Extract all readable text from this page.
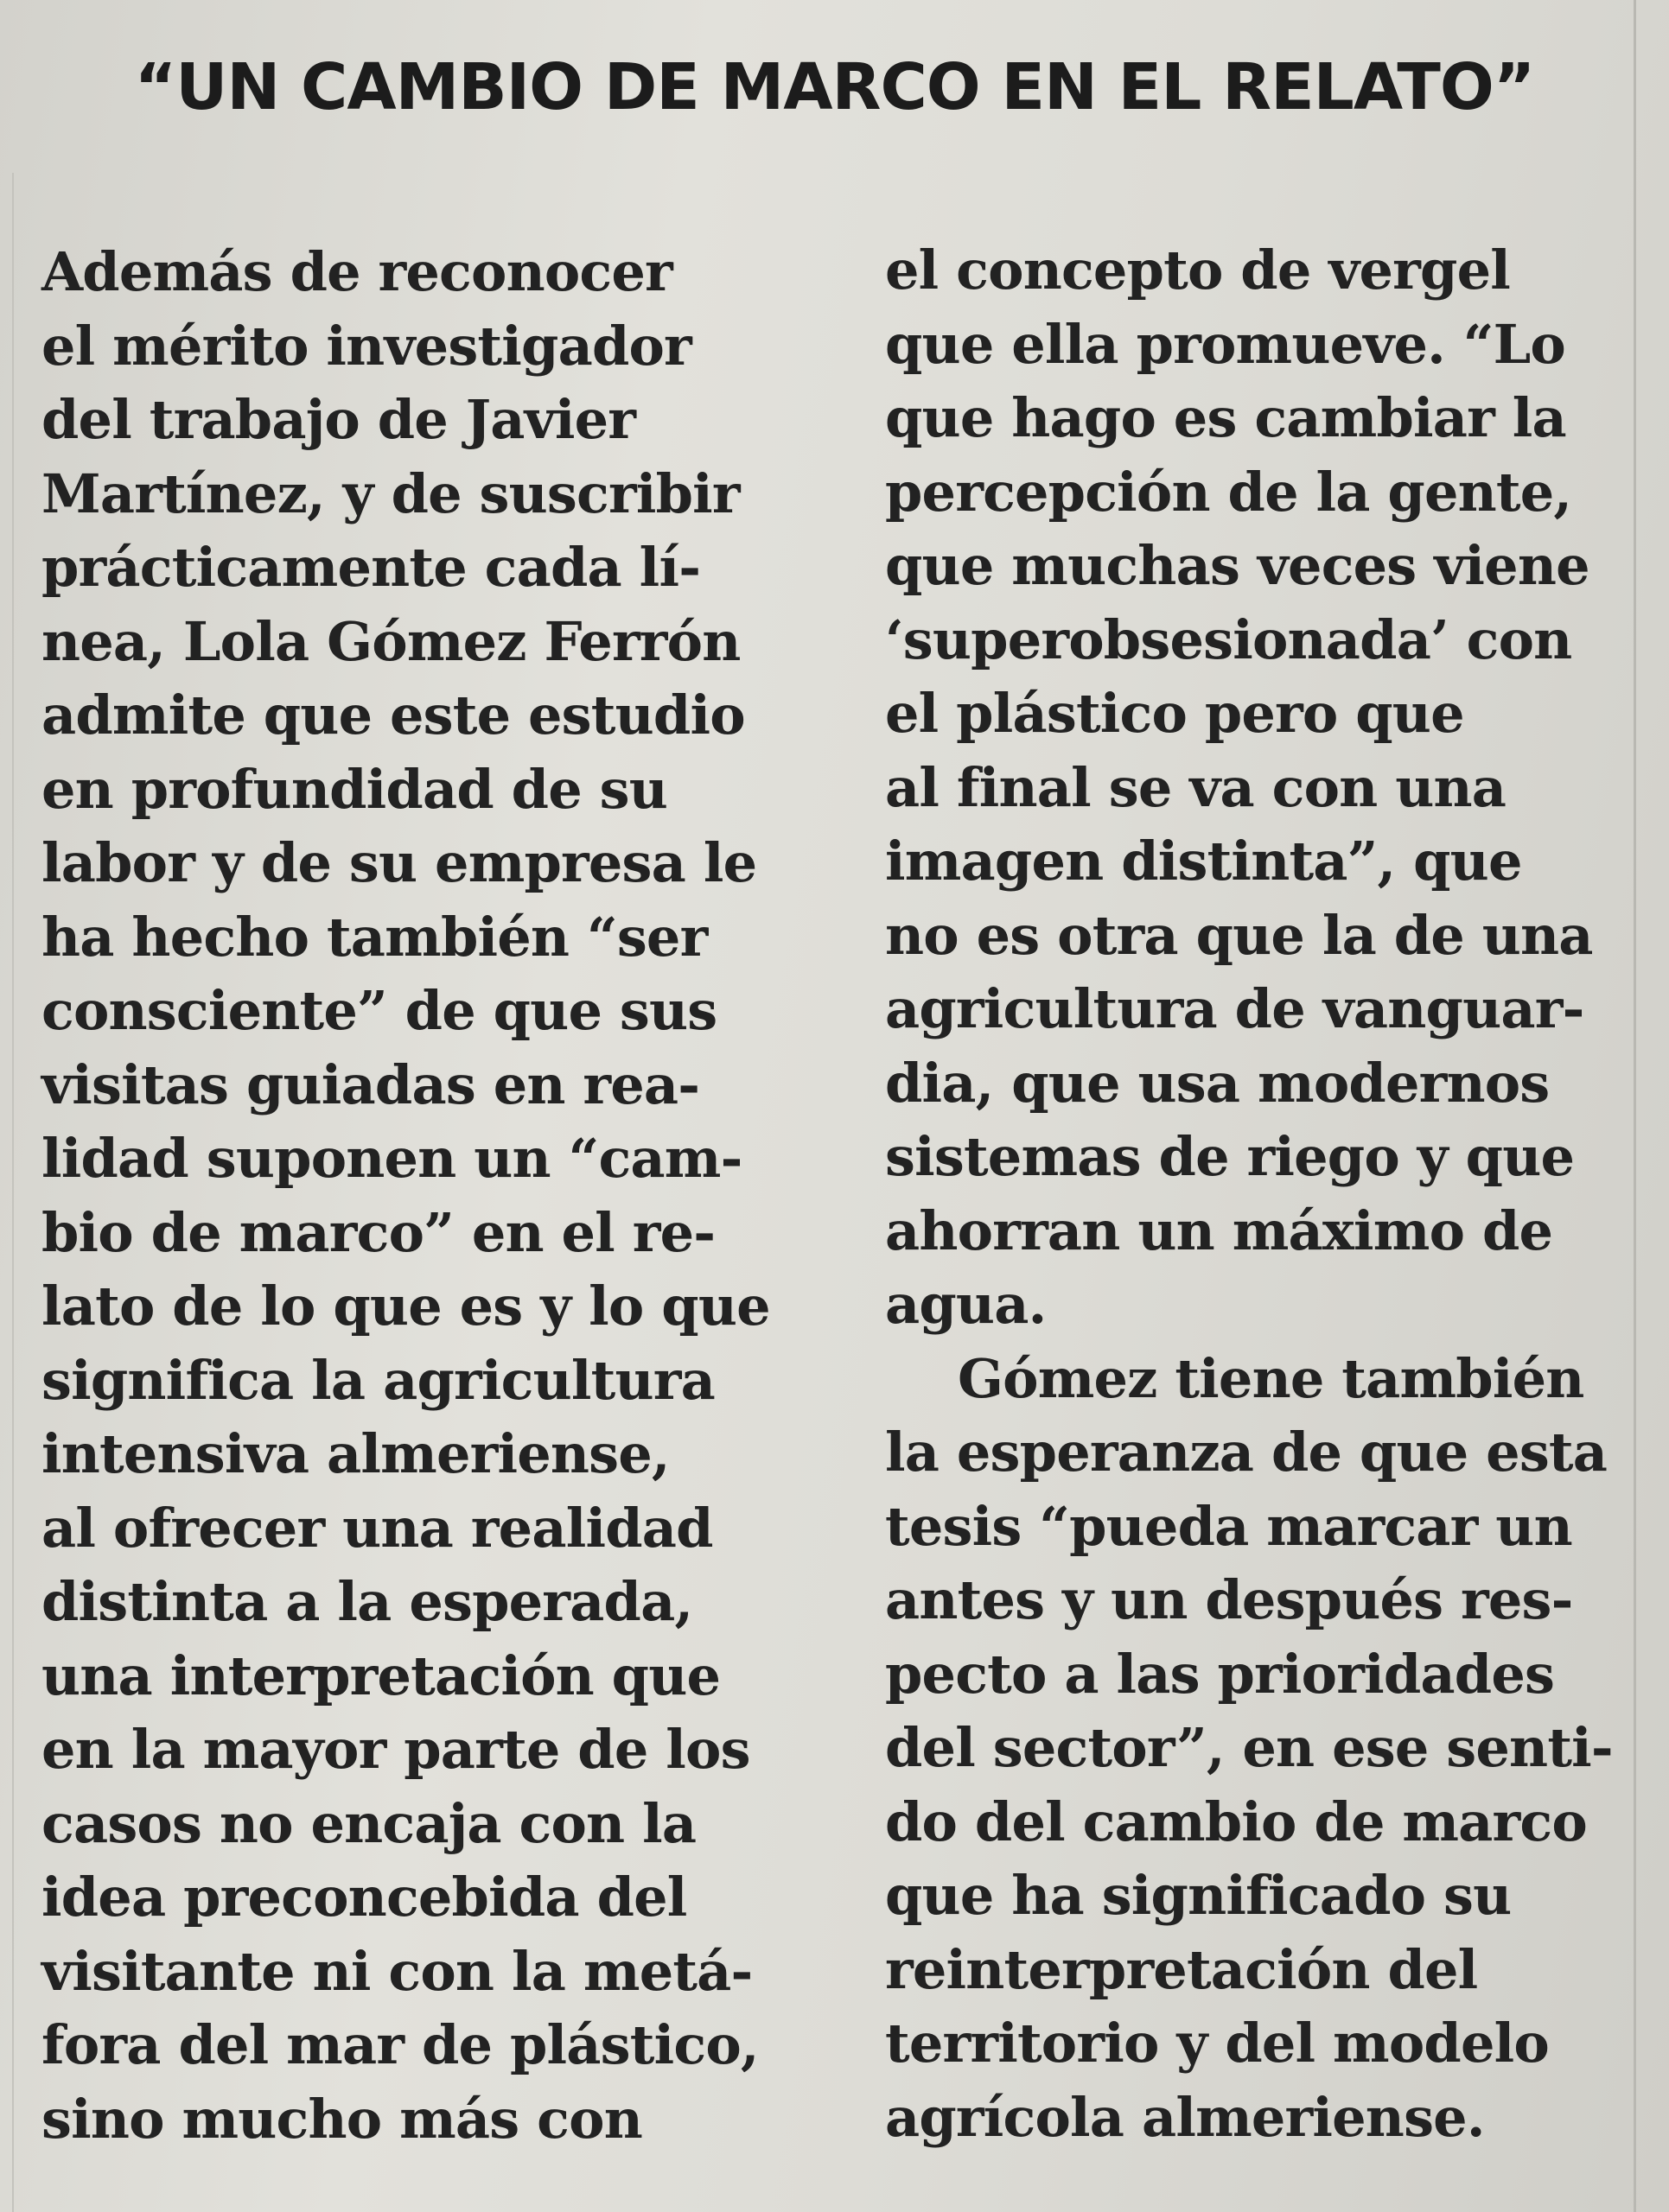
“UN CAMBIO DE MARCO EN EL RELATO”
Además de reconocer
el mérito investigador
del trabajo de Javier
Martínez, y de suscribir
prácticamente cada lí-
nea, Lola Gómez Ferrón
admite que este estudio
en profundidad de su
labor y de su empresa le
ha hecho también “ser
consciente” de que sus
visitas guiadas en rea-
lidad suponen un “cam-
bio de marco” en el re-
lato de lo que es y lo que
significa la agricultura
intensiva almeriense,
al ofrecer una realidad
distinta a la esperada,
una interpretación que
en la mayor parte de los
casos no encaja con la
idea preconcebida del
visitante ni con la metá-
fora del mar de plástico,
sino mucho más con
el concepto de vergel
que ella promueve. “Lo
que hago es cambiar la
percepción de la gente,
que muchas veces viene
‘superobsesionada’ con
el plástico pero que
al final se va con una
imagen distinta”, que
no es otra que la de una
agricultura de vanguar-
dia, que usa modernos
sistemas de riego y que
ahorran un máximo de
agua.
Gómez tiene también
la esperanza de que esta
tesis “pueda marcar un
antes y un después res-
pecto a las prioridades
del sector”, en ese senti-
do del cambio de marco
que ha significado su
reinterpretación del
territorio y del modelo
agrícola almeriense.
